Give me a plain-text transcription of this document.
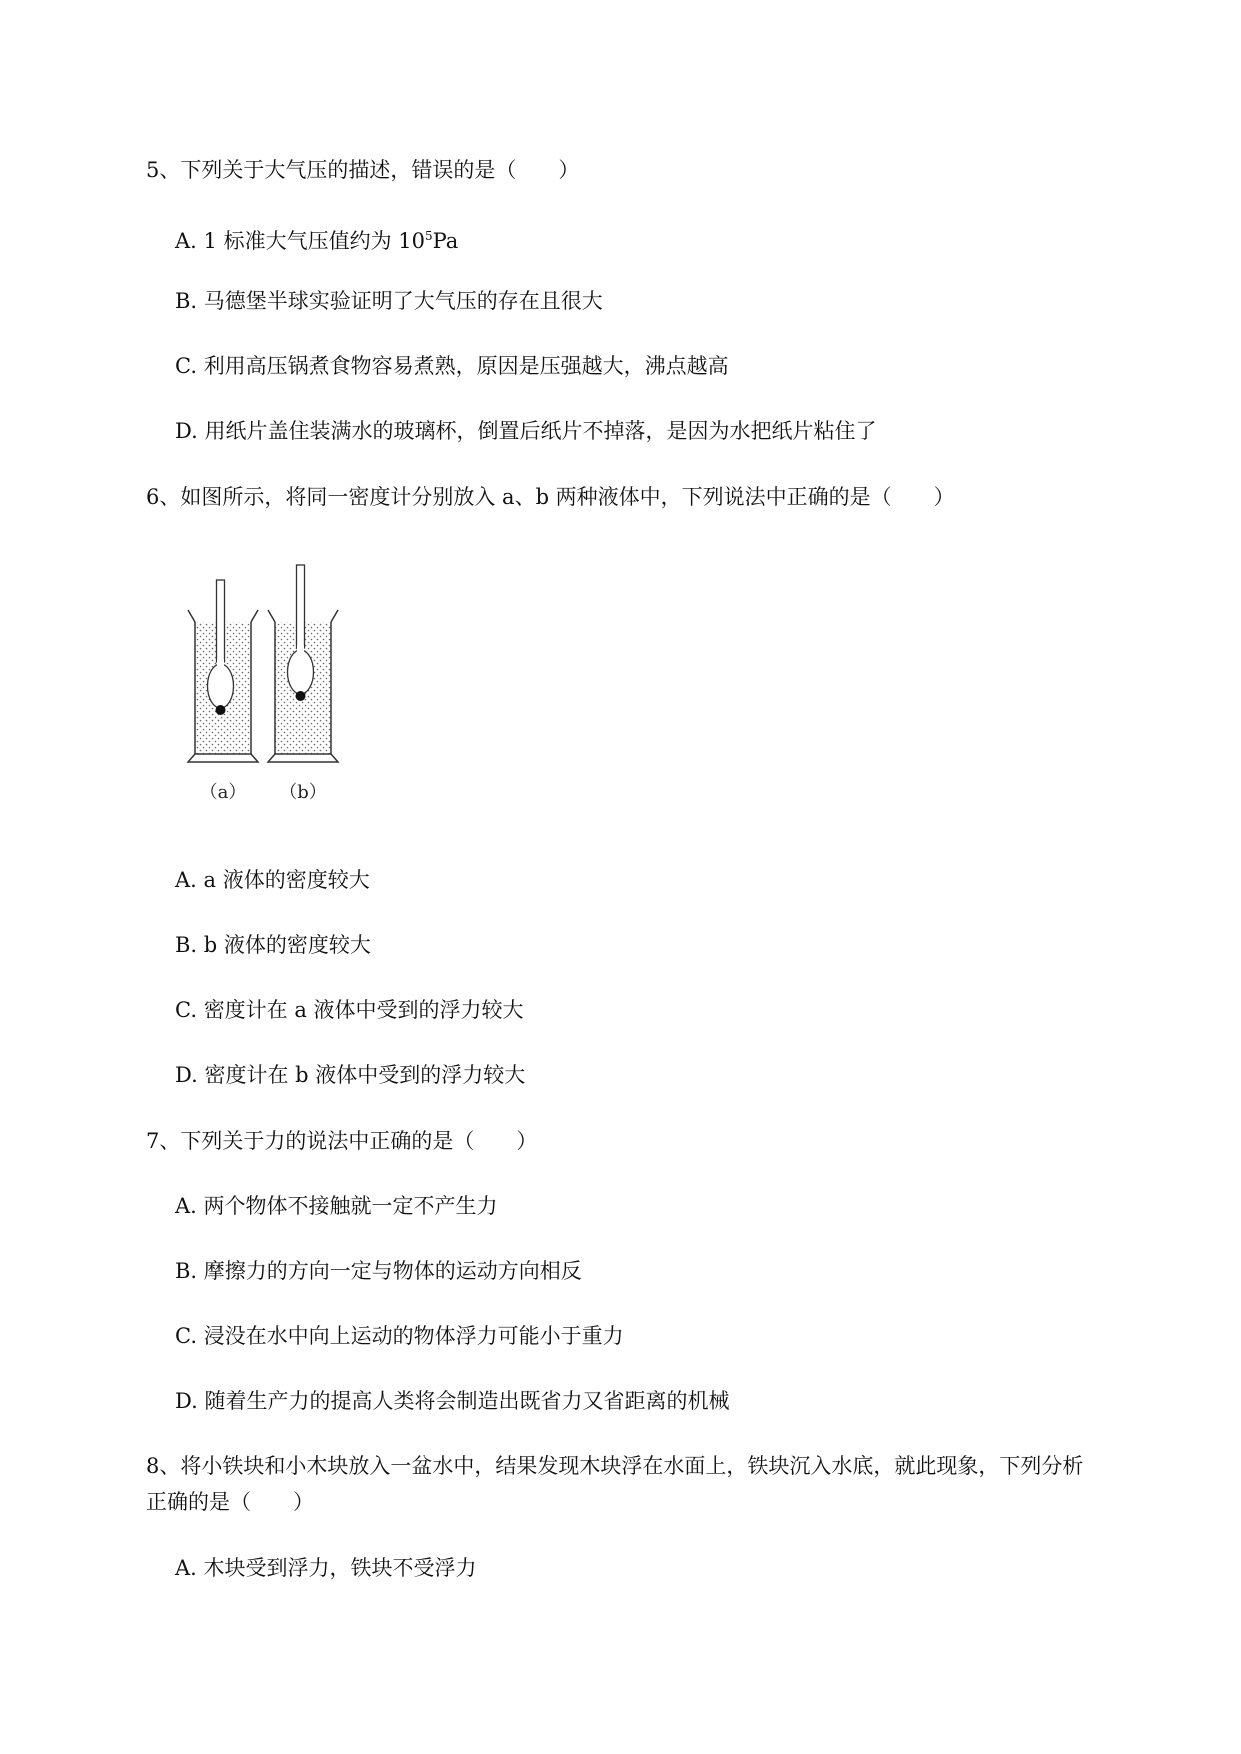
5、下列关于大气压的描述，错误的是（　　）

A. 1 标准大气压值约为 $10^5Pa$

B. 马德堡半球实验证明了大气压的存在且很大

C. 利用高压锅煮食物容易煮熟，原因是压强越大，沸点越高

D. 用纸片盖住装满水的玻璃杯，倒置后纸片不掉落，是因为水把纸片粘住了

6、如图所示，将同一密度计分别放入 a、b 两种液体中，下列说法中正确的是（　　）

（a） （b）

A. a 液体的密度较大

B. b 液体的密度较大

C. 密度计在 a 液体中受到的浮力较大

D. 密度计在 b 液体中受到的浮力较大

7、下列关于力的说法中正确的是（　　）

A. 两个物体不接触就一定不产生力

B. 摩擦力的方向一定与物体的运动方向相反

C. 浸没在水中向上运动的物体浮力可能小于重力

D. 随着生产力的提高人类将会制造出既省力又省距离的机械

8、将小铁块和小木块放入一盆水中，结果发现木块浮在水面上，铁块沉入水底，就此现象，下列分析

正确的是（　　）

A. 木块受到浮力，铁块不受浮力
